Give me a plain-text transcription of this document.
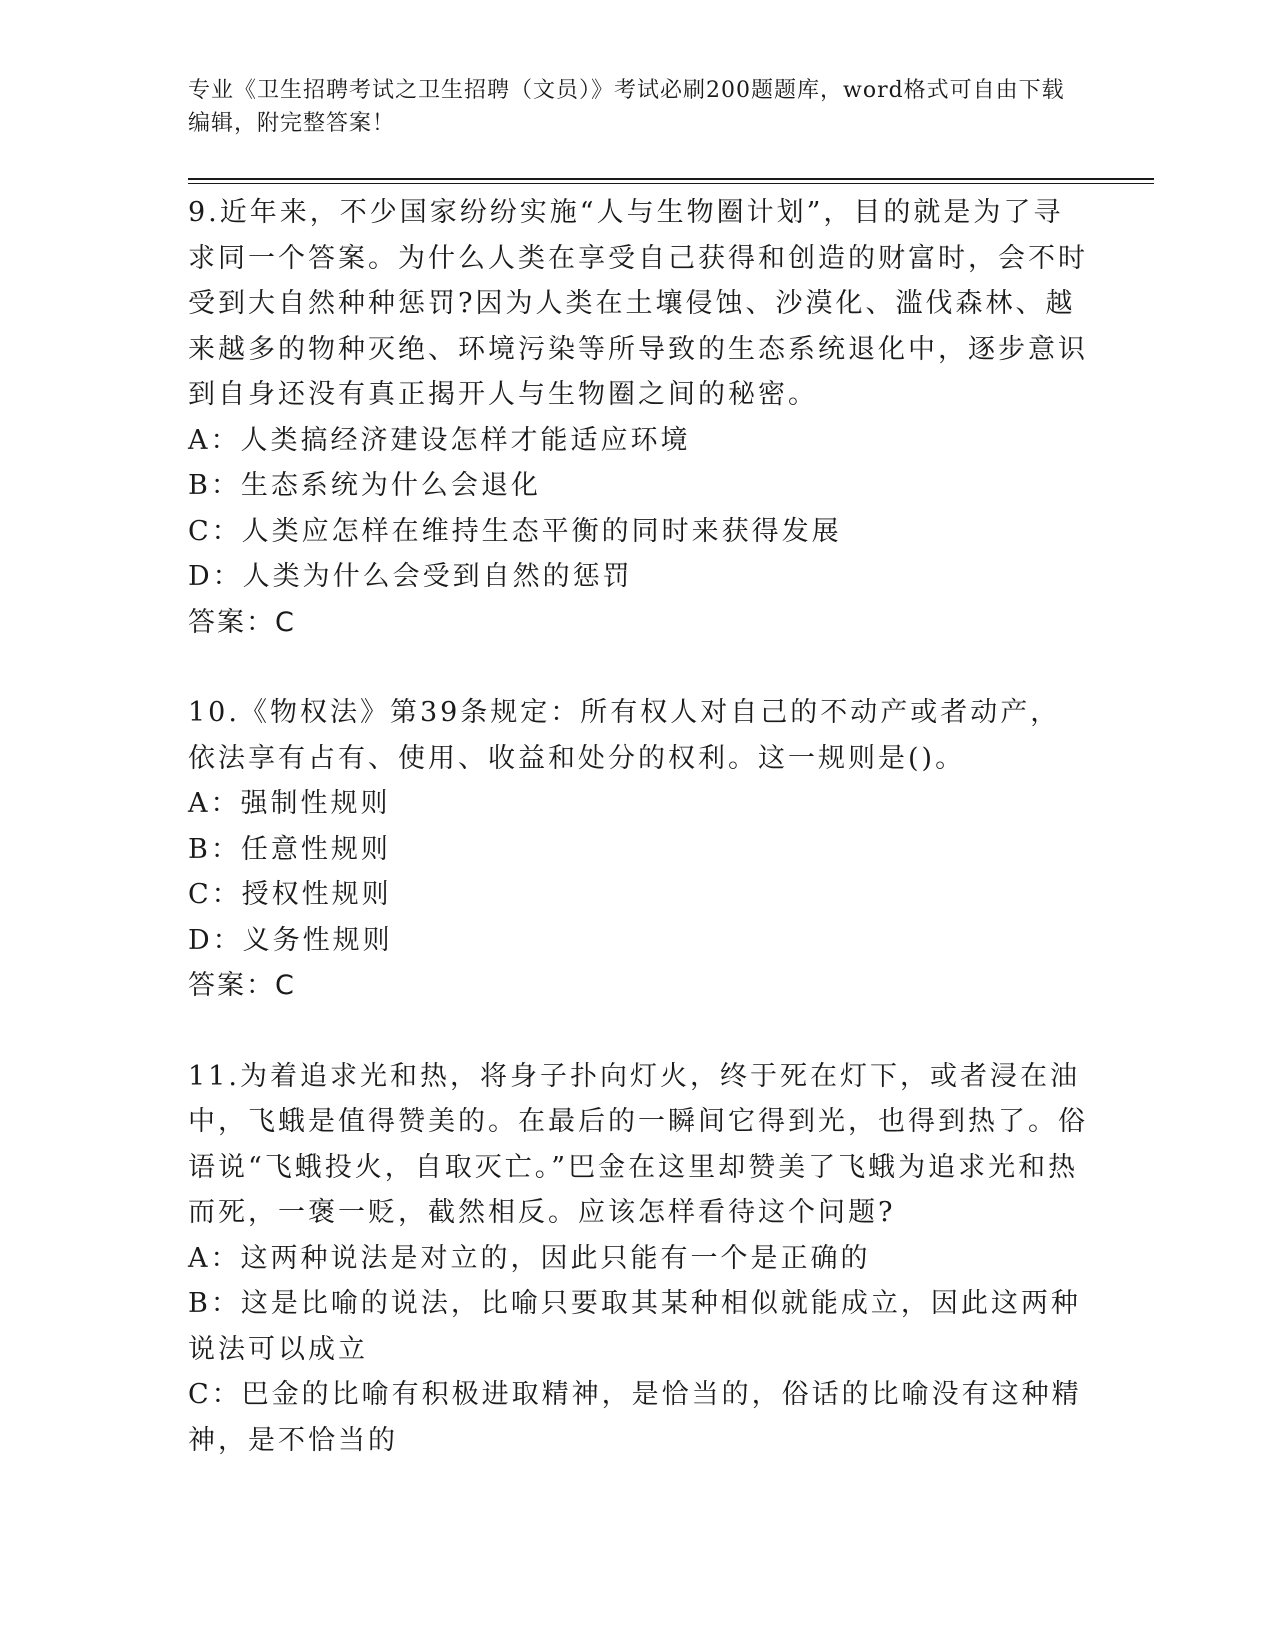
专业《卫生招聘考试之卫生招聘（文员）》考试必刷200题题库，word格式可自由下载编辑，附完整答案！

9.近年来，不少国家纷纷实施“人与生物圈计划”，目的就是为了寻求同一个答案。为什么人类在享受自己获得和创造的财富时，会不时受到大自然种种惩罚?因为人类在土壤侵蚀、沙漠化、滥伐森林、越来越多的物种灭绝、环境污染等所导致的生态系统退化中，逐步意识到自身还没有真正揭开人与生物圈之间的秘密。

A：人类搞经济建设怎样才能适应环境

B：生态系统为什么会退化

C：人类应怎样在维持生态平衡的同时来获得发展

D：人类为什么会受到自然的惩罚

答案：C

10.《物权法》第39条规定：所有权人对自己的不动产或者动产，依法享有占有、使用、收益和处分的权利。这一规则是()。

A：强制性规则

B：任意性规则

C：授权性规则

D：义务性规则

答案：C

11.为着追求光和热，将身子扑向灯火，终于死在灯下，或者浸在油中，飞蛾是值得赞美的。在最后的一瞬间它得到光，也得到热了。俗语说“飞蛾投火，自取灭亡。”巴金在这里却赞美了飞蛾为追求光和热而死，一褒一贬，截然相反。应该怎样看待这个问题?

A：这两种说法是对立的，因此只能有一个是正确的

B：这是比喻的说法，比喻只要取其某种相似就能成立，因此这两种说法可以成立

C：巴金的比喻有积极进取精神，是恰当的，俗话的比喻没有这种精神，是不恰当的
